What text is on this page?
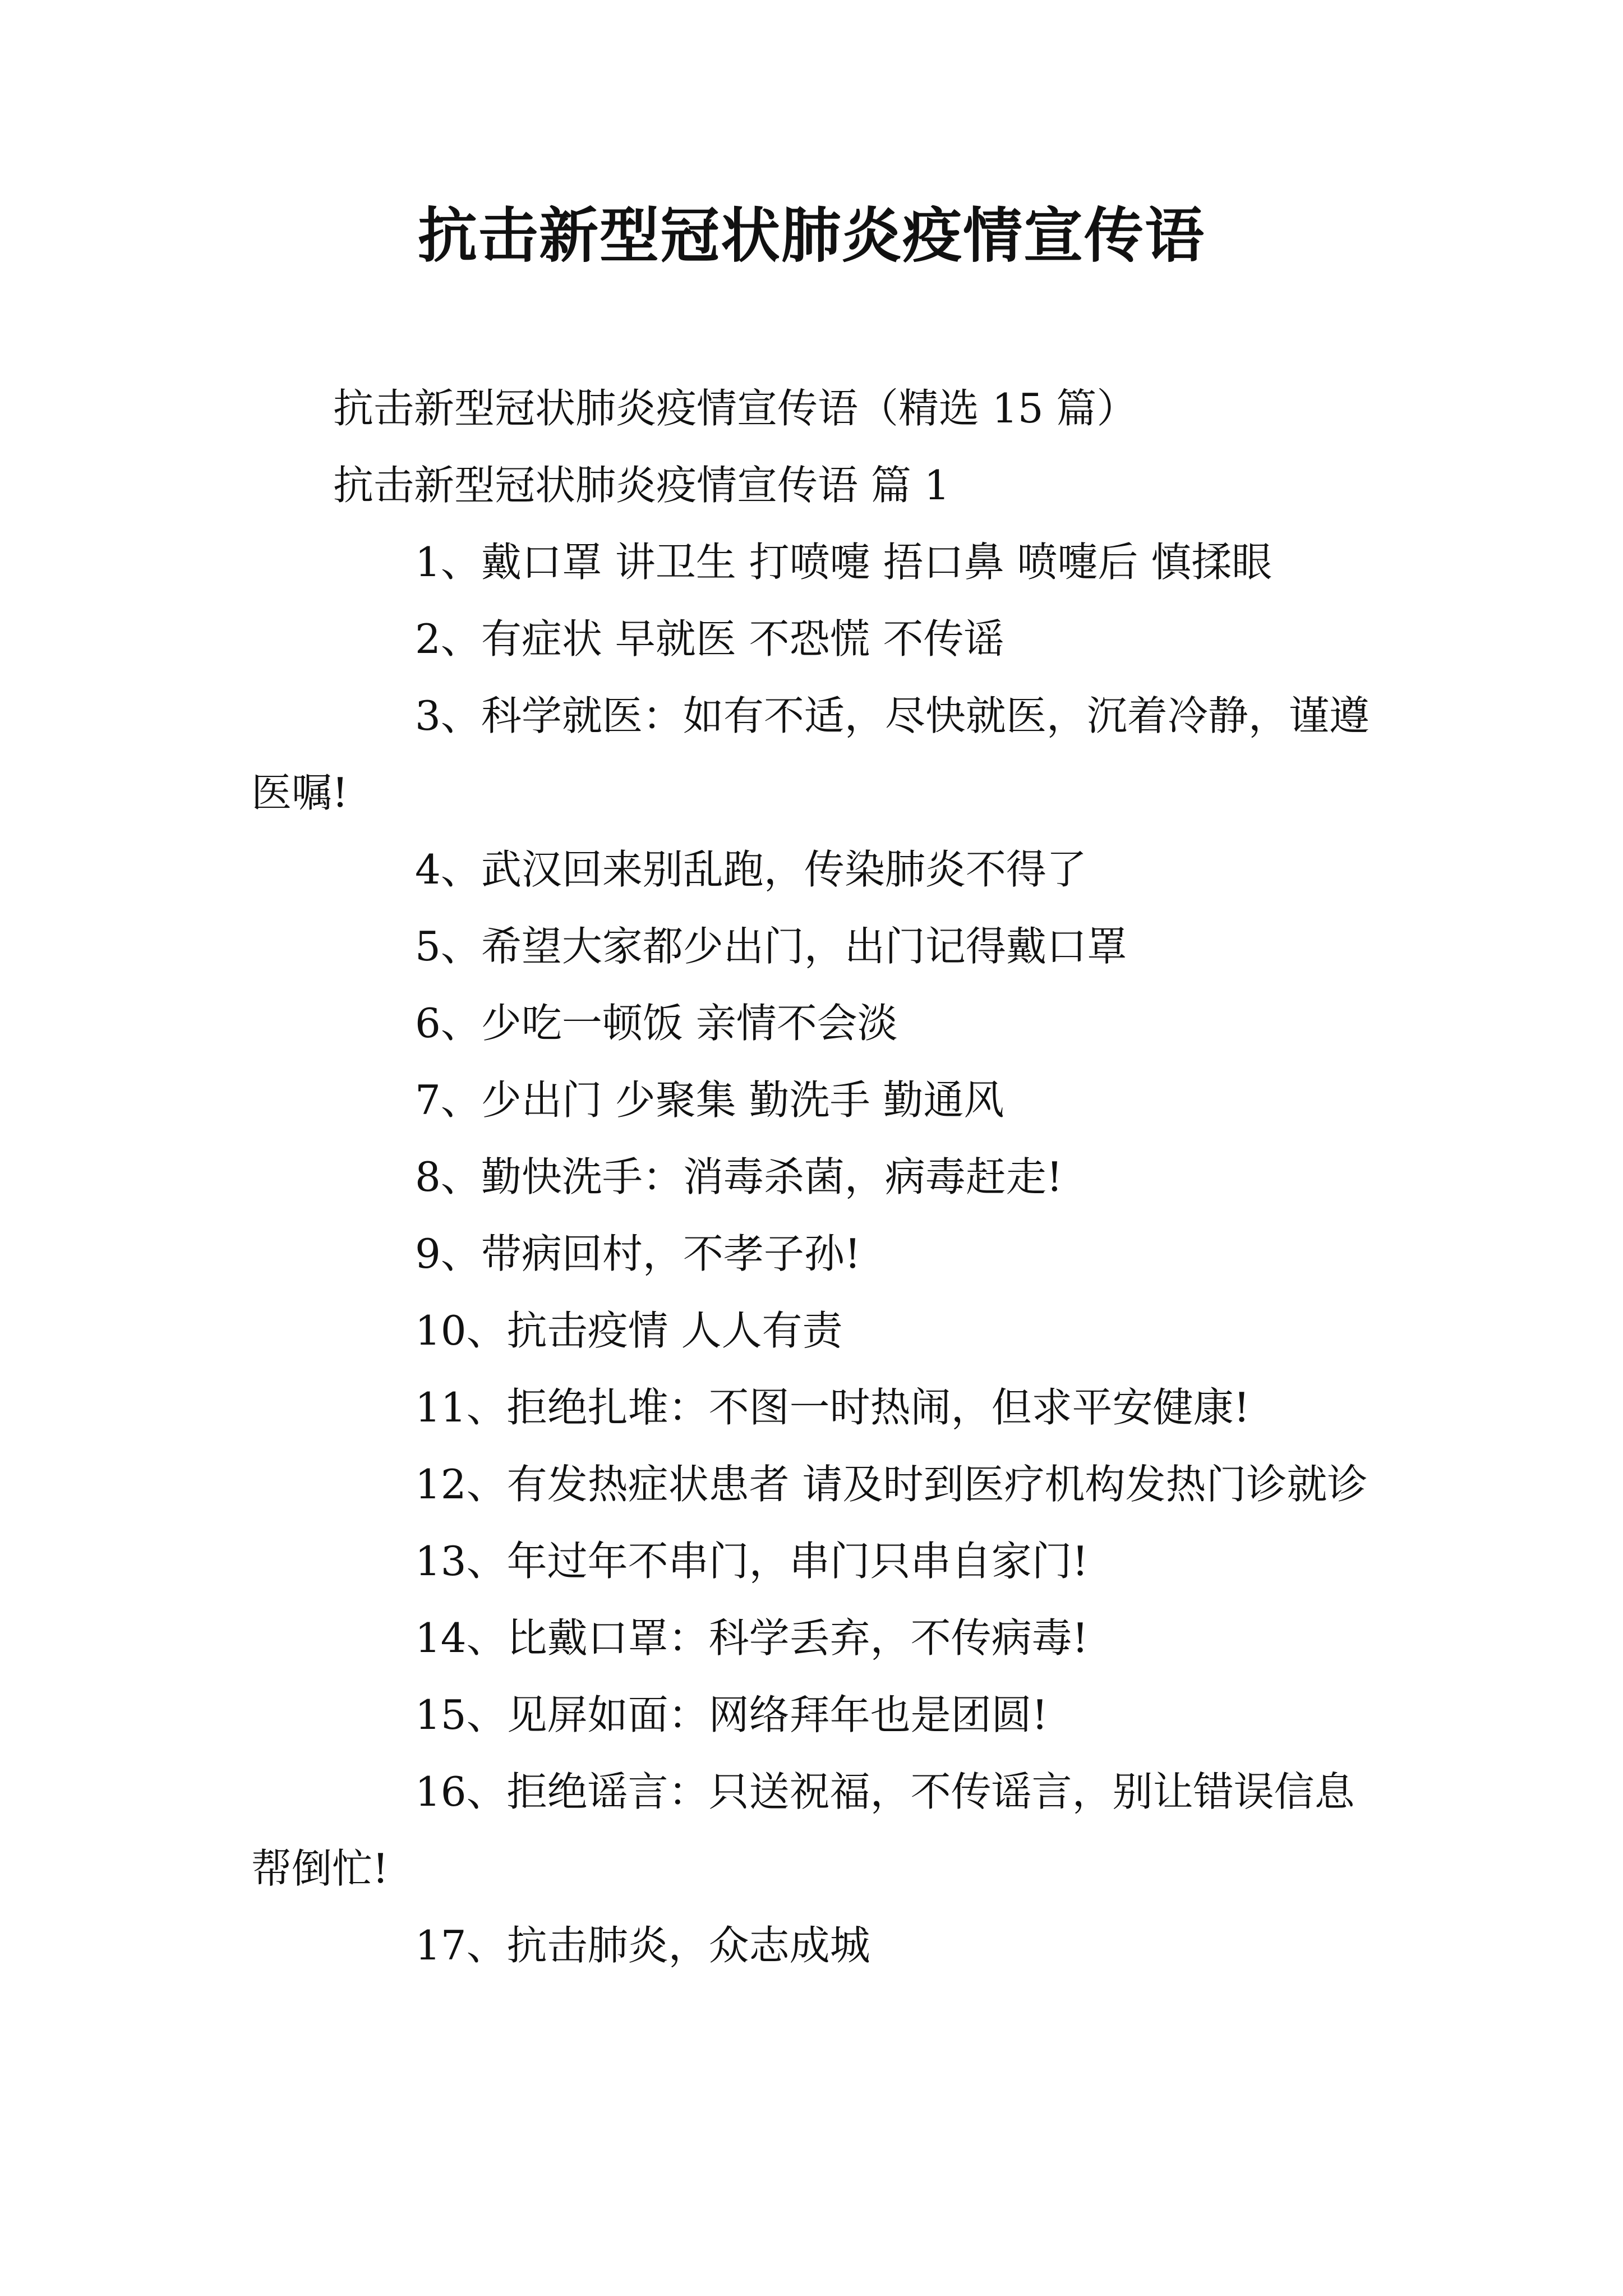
抗击新型冠状肺炎疫情宣传语
抗击新型冠状肺炎疫情宣传语（精选 15 篇）
抗击新型冠状肺炎疫情宣传语 篇 1
1、戴口罩 讲卫生 打喷嚏 捂口鼻 喷嚏后 慎揉眼
2、有症状 早就医 不恐慌 不传谣
3、科学就医：如有不适，尽快就医，沉着冷静，谨遵医嘱!
4、武汉回来别乱跑，传染肺炎不得了
5、希望大家都少出门，出门记得戴口罩
6、少吃一顿饭 亲情不会淡
7、少出门 少聚集 勤洗手 勤通风
8、勤快洗手：消毒杀菌，病毒赶走!
9、带病回村，不孝子孙!
10、抗击疫情 人人有责
11、拒绝扎堆：不图一时热闹，但求平安健康!
12、有发热症状患者 请及时到医疗机构发热门诊就诊
13、年过年不串门，串门只串自家门!
14、比戴口罩：科学丢弃，不传病毒!
15、见屏如面：网络拜年也是团圆!
16、拒绝谣言：只送祝福，不传谣言，别让错误信息帮倒忙!
17、抗击肺炎，众志成城
